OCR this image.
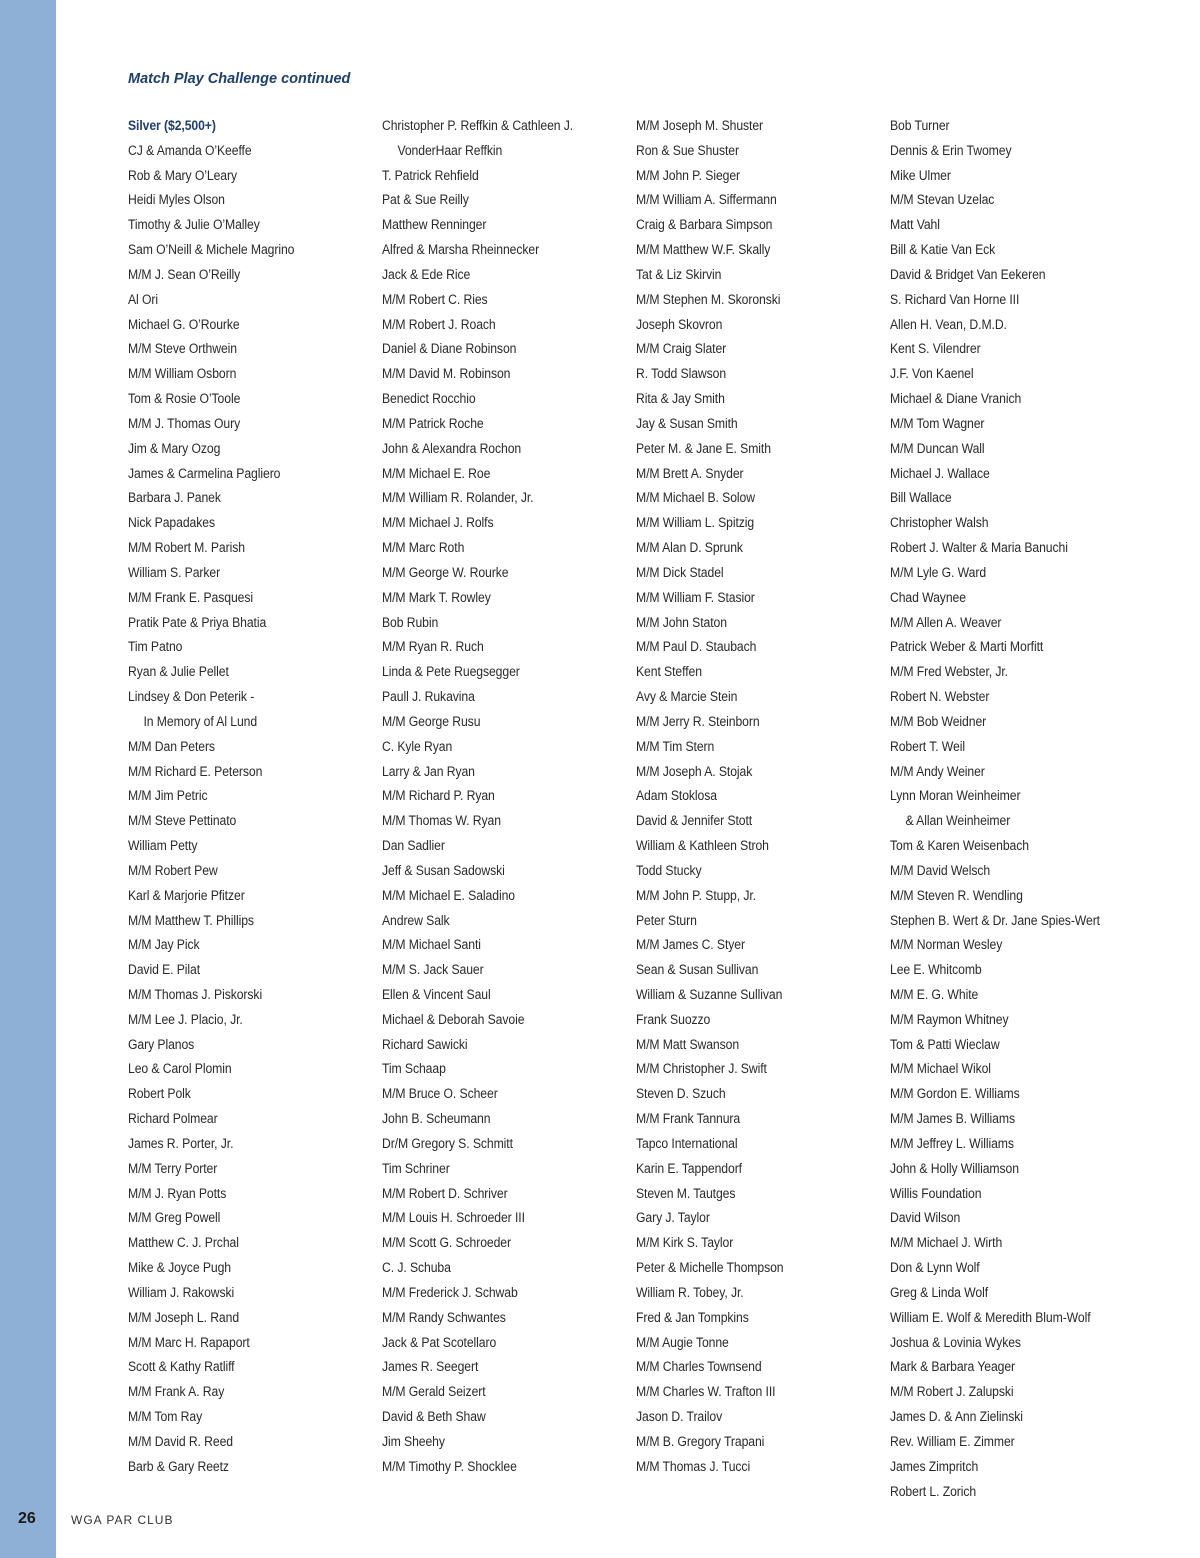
Match Play Challenge continued
Silver ($2,500+)
CJ & Amanda O’Keeffe
Rob & Mary O’Leary
Heidi Myles Olson
Timothy & Julie O’Malley
Sam O’Neill & Michele Magrino
M/M J. Sean O’Reilly
Al Ori
Michael G. O’Rourke
M/M Steve Orthwein
M/M William Osborn
Tom & Rosie O’Toole
M/M J. Thomas Oury
Jim & Mary Ozog
James & Carmelina Pagliero
Barbara J. Panek
Nick Papadakes
M/M Robert M. Parish
William S. Parker
M/M Frank E. Pasquesi
Pratik Pate & Priya Bhatia
Tim Patno
Ryan & Julie Pellet
Lindsey & Don Peterik -
In Memory of Al Lund
M/M Dan Peters
M/M Richard E. Peterson
M/M Jim Petric
M/M Steve Pettinato
William Petty
M/M Robert Pew
Karl & Marjorie Pfitzer
M/M Matthew T. Phillips
M/M Jay Pick
David E. Pilat
M/M Thomas J. Piskorski
M/M Lee J. Placio, Jr.
Gary Planos
Leo & Carol Plomin
Robert Polk
Richard Polmear
James R. Porter, Jr.
M/M Terry Porter
M/M J. Ryan Potts
M/M Greg Powell
Matthew C. J. Prchal
Mike & Joyce Pugh
William J. Rakowski
M/M Joseph L. Rand
M/M Marc H. Rapaport
Scott & Kathy Ratliff
M/M Frank A. Ray
M/M Tom Ray
M/M David R. Reed
Barb & Gary Reetz
Christopher P. Reffkin & Cathleen J.
VonderHaar Reffkin
T. Patrick Rehfield
Pat & Sue Reilly
Matthew Renninger
Alfred & Marsha Rheinnecker
Jack & Ede Rice
M/M Robert C. Ries
M/M Robert J. Roach
Daniel & Diane Robinson
M/M David M. Robinson
Benedict Rocchio
M/M Patrick Roche
John & Alexandra Rochon
M/M Michael E. Roe
M/M William R. Rolander, Jr.
M/M Michael J. Rolfs
M/M Marc Roth
M/M George W. Rourke
M/M Mark T. Rowley
Bob Rubin
M/M Ryan R. Ruch
Linda & Pete Ruegsegger
Paull J. Rukavina
M/M George Rusu
C. Kyle Ryan
Larry & Jan Ryan
M/M Richard P. Ryan
M/M Thomas W. Ryan
Dan Sadlier
Jeff & Susan Sadowski
M/M Michael E. Saladino
Andrew Salk
M/M Michael Santi
M/M S. Jack Sauer
Ellen & Vincent Saul
Michael & Deborah Savoie
Richard Sawicki
Tim Schaap
M/M Bruce O. Scheer
John B. Scheumann
Dr/M Gregory S. Schmitt
Tim Schriner
M/M Robert D. Schriver
M/M Louis H. Schroeder III
M/M Scott G. Schroeder
C. J. Schuba
M/M Frederick J. Schwab
M/M Randy Schwantes
Jack & Pat Scotellaro
James R. Seegert
M/M Gerald Seizert
David & Beth Shaw
Jim Sheehy
M/M Timothy P. Shocklee
M/M Joseph M. Shuster
Ron & Sue Shuster
M/M John P. Sieger
M/M William A. Siffermann
Craig & Barbara Simpson
M/M Matthew W.F. Skally
Tat & Liz Skirvin
M/M Stephen M. Skoronski
Joseph Skovron
M/M Craig Slater
R. Todd Slawson
Rita & Jay Smith
Jay & Susan Smith
Peter M. & Jane E. Smith
M/M Brett A. Snyder
M/M Michael B. Solow
M/M William L. Spitzig
M/M Alan D. Sprunk
M/M Dick Stadel
M/M William F. Stasior
M/M John Staton
M/M Paul D. Staubach
Kent Steffen
Avy & Marcie Stein
M/M Jerry R. Steinborn
M/M Tim Stern
M/M Joseph A. Stojak
Adam Stoklosa
David & Jennifer Stott
William & Kathleen Stroh
Todd Stucky
M/M John P. Stupp, Jr.
Peter Sturn
M/M James C. Styer
Sean & Susan Sullivan
William & Suzanne Sullivan
Frank Suozzo
M/M Matt Swanson
M/M Christopher J. Swift
Steven D. Szuch
M/M Frank Tannura
Tapco International
Karin E. Tappendorf
Steven M. Tautges
Gary J. Taylor
M/M Kirk S. Taylor
Peter & Michelle Thompson
William R. Tobey, Jr.
Fred & Jan Tompkins
M/M Augie Tonne
M/M Charles Townsend
M/M Charles W. Trafton III
Jason D. Trailov
M/M B. Gregory Trapani
M/M Thomas J. Tucci
Bob Turner
Dennis & Erin Twomey
Mike Ulmer
M/M Stevan Uzelac
Matt Vahl
Bill & Katie Van Eck
David & Bridget Van Eekeren
S. Richard Van Horne III
Allen H. Vean, D.M.D.
Kent S. Vilendrer
J.F. Von Kaenel
Michael & Diane Vranich
M/M Tom Wagner
M/M Duncan Wall
Michael J. Wallace
Bill Wallace
Christopher Walsh
Robert J. Walter & Maria Banuchi
M/M Lyle G. Ward
Chad Waynee
M/M Allen A. Weaver
Patrick Weber & Marti Morfitt
M/M Fred Webster, Jr.
Robert N. Webster
M/M Bob Weidner
Robert T. Weil
M/M Andy Weiner
Lynn Moran Weinheimer
& Allan Weinheimer
Tom & Karen Weisenbach
M/M David Welsch
M/M Steven R. Wendling
Stephen B. Wert & Dr. Jane Spies-Wert
M/M Norman Wesley
Lee E. Whitcomb
M/M E. G. White
M/M Raymon Whitney
Tom & Patti Wieclaw
M/M Michael Wikol
M/M Gordon E. Williams
M/M James B. Williams
M/M Jeffrey L. Williams
John & Holly Williamson
Willis Foundation
David Wilson
M/M Michael J. Wirth
Don & Lynn Wolf
Greg & Linda Wolf
William E. Wolf & Meredith Blum-Wolf
Joshua & Lovinia Wykes
Mark & Barbara Yeager
M/M Robert J. Zalupski
James D. & Ann Zielinski
Rev. William E. Zimmer
James Zimpritch
Robert L. Zorich
26	WGA PAR CLUB
